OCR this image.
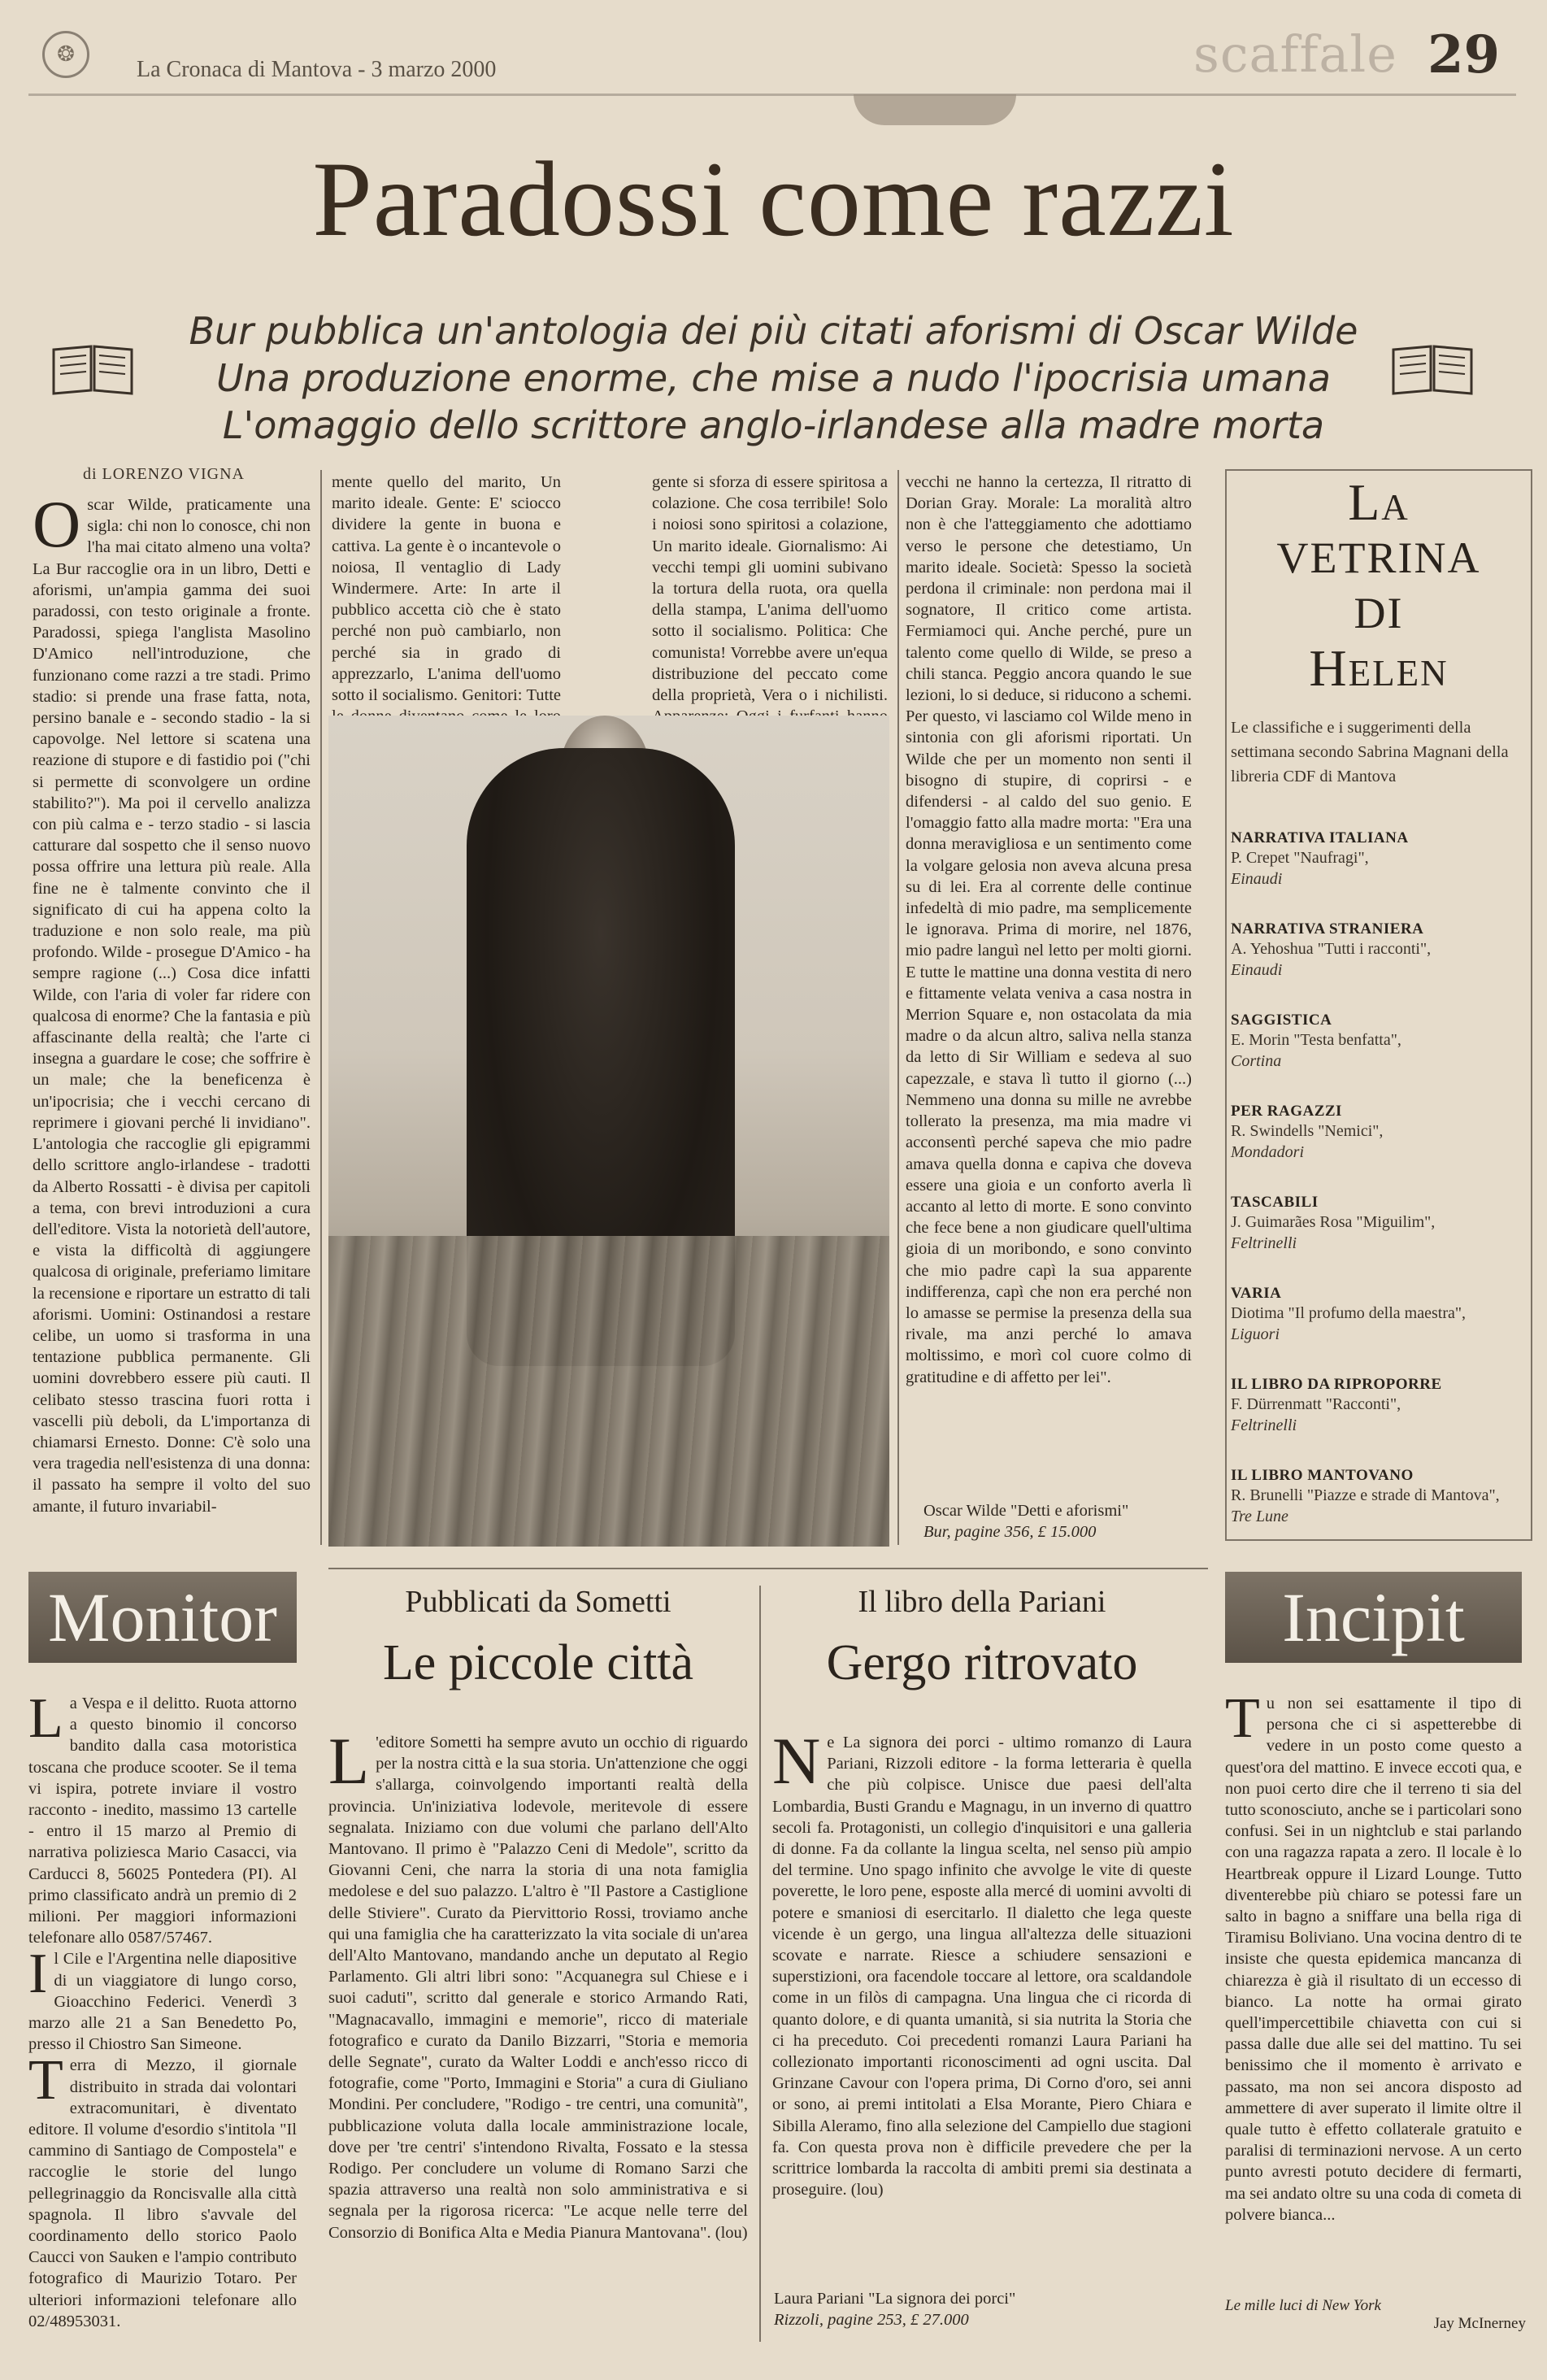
❂
La Cronaca di Mantova - 3 marzo 2000	scaffale 29
Paradossi come razzi
Bur pubblica un'antologia dei più citati aforismi di Oscar Wilde
Una produzione enorme, che mise a nudo l'ipocrisia umana
L'omaggio dello scrittore anglo-irlandese alla madre morta
di LORENZO VIGNA
O scar Wilde, praticamente una sigla: chi non lo conosce, chi non l'ha mai citato almeno una volta? La Bur raccoglie ora in un libro, Detti e aforismi, un'ampia gamma dei suoi paradossi, con testo originale a fronte. Paradossi, spiega l'anglista Masolino D'Amico nell'introduzione, che funzionano come razzi a tre stadi. Primo stadio: si prende una frase fatta, nota, persino banale e - secondo stadio - la si capovolge. Nel lettore si scatena una reazione di stupore e di fastidio poi ("chi si permette di sconvolgere un ordine stabilito?"). Ma poi il cervello analizza con più calma e - terzo stadio - si lascia catturare dal sospetto che il senso nuovo possa offrire una lettura più reale. Alla fine ne è talmente convinto che il significato di cui ha appena colto la traduzione e non solo reale, ma più profondo. Wilde - prosegue D'Amico - ha sempre ragione (...) Cosa dice infatti Wilde, con l'aria di voler far ridere con qualcosa di enorme? Che la fantasia e più affascinante della realtà; che l'arte ci insegna a guardare le cose; che soffrire è un male; che la beneficenza è un'ipocrisia; che i vecchi cercano di reprimere i giovani perché li invidiano". L'antologia che raccoglie gli epigrammi dello scrittore anglo-irlandese - tradotti da Alberto Rossatti - è divisa per capitoli a tema, con brevi introduzioni a cura dell'editore. Vista la notorietà dell'autore, e vista la difficoltà di aggiungere qualcosa di originale, preferiamo limitare la recensione e riportare un estratto di tali aforismi. Uomini: Ostinandosi a restare celibe, un uomo si trasforma in una tentazione pubblica permanente. Gli uomini dovrebbero essere più cauti. Il celibato stesso trascina fuori rotta i vascelli più deboli, da L'importanza di chiamarsi Ernesto. Donne: C'è solo una vera tragedia nell'esistenza di una donna: il passato ha sempre il volto del suo amante, il futuro invariabil-
mente quello del marito, Un marito ideale. Gente: E' sciocco dividere la gente in buona e cattiva. La gente è o incantevole o noiosa, Il ventaglio di Lady Windermere. Arte: In arte il pubblico accetta ciò che è stato perché non può cambiarlo, non perché sia in grado di apprezzarlo, L'anima dell'uomo sotto il socialismo. Genitori: Tutte
gente si sforza di essere spiritosa a colazione. Che cosa terribile! Solo i noiosi sono spiritosi a colazione, Un marito ideale. Giornalismo: Ai vecchi tempi gli uomini subivano la tortura della ruota, ora quella della stampa, L'anima dell'uomo sotto il socialismo. Politica: Che comunista! Vorrebbe avere un'equa distribuzione del peccato come della proprietà, Vera o i nichilisti.
vecchi ne hanno la certezza, Il ritratto di Dorian Gray. Morale: La moralità altro non è che l'atteggiamento che adottiamo verso le persone che detestiamo, Un marito ideale. Società: Spesso la società perdona il criminale: non perdona mai il sognatore, Il critico come artista. Fermiamoci qui. Anche perché, pure un talento come quello di Wilde, se preso a chili stanca. Peggio ancora quando le sue lezioni, lo si deduce, si riducono a schemi. Per questo, vi lasciamo col Wilde meno in sintonia con gli aforismi riportati. Un Wilde che per un momento non senti il bisogno di stupire, di coprirsi - e difendersi - al caldo del suo genio. E l'omaggio fatto alla madre morta: "Era una donna meravigliosa e un sentimento come la volgare gelosia non aveva alcuna presa su di lei. Era al corrente delle continue infedeltà di mio padre, ma semplicemente le ignorava. Prima di morire, nel 1876, mio padre languì nel letto per molti giorni. E tutte le mattine una donna vestita di nero e fittamente velata veniva a casa nostra in Merrion Square e, non ostacolata da mia madre o da alcun altro, saliva nella stanza da letto di Sir William e sedeva al suo capezzale, e stava lì tutto il giorno (...) Nemmeno una donna su mille ne avrebbe tollerato la presenza, ma mia madre vi acconsentì perché sapeva che mio padre amava quella donna e capiva che doveva essere una gioia e un conforto averla lì accanto al letto di morte. E sono convinto che fece bene a non giudicare quell'ultima gioia di un moribondo, e sono convinto che mio padre capì la sua apparente indifferenza, capì che non era perché non lo amasse se permise la presenza della sua rivale, ma anzi perché lo amava moltissimo, e morì col cuore colmo di gratitudine e di affetto per lei".
Oscar Wilde "Detti e aforismi"
Bur, pagine 356, £ 15.000
La
VETRINA
DI
Helen
Le classifiche e i suggerimenti della settimana secondo Sabrina Magnani della libreria CDF di Mantova
NARRATIVA ITALIANA
P. Crepet "Naufragi",
Einaudi
NARRATIVA STRANIERA
A. Yehoshua "Tutti i racconti",
Einaudi
SAGGISTICA
E. Morin "Testa benfatta",
Cortina
PER RAGAZZI
R. Swindells "Nemici",
Mondadori
TASCABILI
J. Guimarães Rosa "Miguilim",
Feltrinelli
VARIA
Diotima "Il profumo della maestra",
Liguori
IL LIBRO DA RIPROPORRE
F. Dürrenmatt "Racconti",
Feltrinelli
IL LIBRO MANTOVANO
R. Brunelli "Piazze e strade di Mantova",
Tre Lune
Monitor

La Vespa e il delitto. Ruota attorno a questo binomio il concorso bandito dalla casa motoristica toscana che produce scooter. Se il tema vi ispira, potrete inviare il vostro racconto - inedito, massimo 13 cartelle - entro il 15 marzo al Premio di narrativa poliziesca Mario Casacci, via Carducci 8, 56025 Pontedera (PI). Al primo classificato andrà un premio di 2 milioni. Per maggiori informazioni telefonare allo 0587/57467.

Il Cile e l'Argentina nelle diapositive di un viaggiatore di lungo corso, Gioacchino Federici. Venerdì 3 marzo alle 21 a San Benedetto Po, presso il Chiostro San Simeone.

Terra di Mezzo, il giornale distribuito in strada dai volontari extracomunitari, è diventato editore. Il volume d'esordio s'intitola "Il cammino di Santiago de Compostela" e raccoglie le storie del lungo pellegrinaggio da Roncisvalle alla città spagnola. Il libro s'avvale del coordinamento dello storico Paolo Caucci von Sauken e l'ampio contributo fotografico di Maurizio Totaro. Per ulteriori informazioni telefonare allo 02/48953031.

Pubblicati da Sometti
Le piccole città
L 'editore Sometti ha sempre avuto un occhio di riguardo per la nostra città e la sua storia. Un'attenzione che oggi s'allarga, coinvolgendo importanti realtà della provincia. Un'iniziativa lodevole, meritevole di essere segnalata. Iniziamo con due volumi che parlano dell'Alto Mantovano. Il primo è "Palazzo Ceni di Medole", scritto da Giovanni Ceni, che narra la storia di una nota famiglia medolese e del suo palazzo. L'altro è "Il Pastore a Castiglione delle Stiviere". Curato da Piervittorio Rossi, troviamo anche qui una famiglia che ha caratterizzato la vita sociale di un'area dell'Alto Mantovano, mandando anche un deputato al Regio Parlamento. Gli altri libri sono: "Acquanegra sul Chiese e i suoi caduti", scritto dal generale e storico Armando Rati, "Magnacavallo, immagini e memorie", ricco di materiale fotografico e curato da Danilo Bizzarri, "Storia e memoria delle Segnate", curato da Walter Loddi e anch'esso ricco di fotografie, come "Porto, Immagini e Storia" a cura di Giuliano Mondini. Per concludere, "Rodigo - tre centri, una comunità", pubblicazione voluta dalla locale amministrazione locale, dove per 'tre centri' s'intendono Rivalta, Fossato e la stessa Rodigo. Per concludere un volume di Romano Sarzi che spazia attraverso una realtà non solo amministrativa e si segnala per la rigorosa ricerca: "Le acque nelle terre del Consorzio di Bonifica Alta e Media Pianura Mantovana". (lou)
Il libro della Pariani
Gergo ritrovato
N e La signora dei porci - ultimo romanzo di Laura Pariani, Rizzoli editore - la forma letteraria è quella che più colpisce. Unisce due paesi dell'alta Lombardia, Busti Grandu e Magnagu, in un inverno di quattro secoli fa. Protagonisti, un collegio d'inquisitori e una galleria di donne. Fa da collante la lingua scelta, nel senso più ampio del termine. Uno spago infinito che avvolge le vite di queste poverette, le loro pene, esposte alla mercé di uomini avvolti di potere e smaniosi di esercitarlo. Il dialetto che lega queste vicende è un gergo, una lingua all'altezza delle situazioni scovate e narrate. Riesce a schiudere sensazioni e superstizioni, ora facendole toccare al lettore, ora scaldandole come in un filòs di campagna. Una lingua che ci ricorda di quanto dolore, e di quanta umanità, si sia nutrita la Storia che ci ha preceduto. Coi precedenti romanzi Laura Pariani ha collezionato importanti riconoscimenti ad ogni uscita. Dal Grinzane Cavour con l'opera prima, Di Corno d'oro, sei anni or sono, ai premi intitolati a Elsa Morante, Piero Chiara e Sibilla Aleramo, fino alla selezione del Campiello due stagioni fa. Con questa prova non è difficile prevedere che per la scrittrice lombarda la raccolta di ambiti premi sia destinata a proseguire. (lou)
Laura Pariani "La signora dei porci"
Rizzoli, pagine 253, £ 27.000
Incipit
T u non sei esattamente il tipo di persona che ci si aspetterebbe di vedere in un posto come questo a quest'ora del mattino. E invece eccoti qua, e non puoi certo dire che il terreno ti sia del tutto sconosciuto, anche se i particolari sono confusi. Sei in un nightclub e stai parlando con una ragazza rapata a zero. Il locale è lo Heartbreak oppure il Lizard Lounge. Tutto diventerebbe più chiaro se potessi fare un salto in bagno a sniffare una bella riga di Tiramisu Boliviano. Una vocina dentro di te insiste che questa epidemica mancanza di chiarezza è già il risultato di un eccesso di bianco. La notte ha ormai girato quell'impercettibile chiavetta con cui si passa dalle due alle sei del mattino. Tu sei benissimo che il momento è arrivato e passato, ma non sei ancora disposto ad ammettere di aver superato il limite oltre il quale tutto è effetto collaterale gratuito e paralisi di terminazioni nervose. A un certo punto avresti potuto decidere di fermarti, ma sei andato oltre su una coda di cometa di polvere bianca...
Le mille luci di New York
Jay McInerney
